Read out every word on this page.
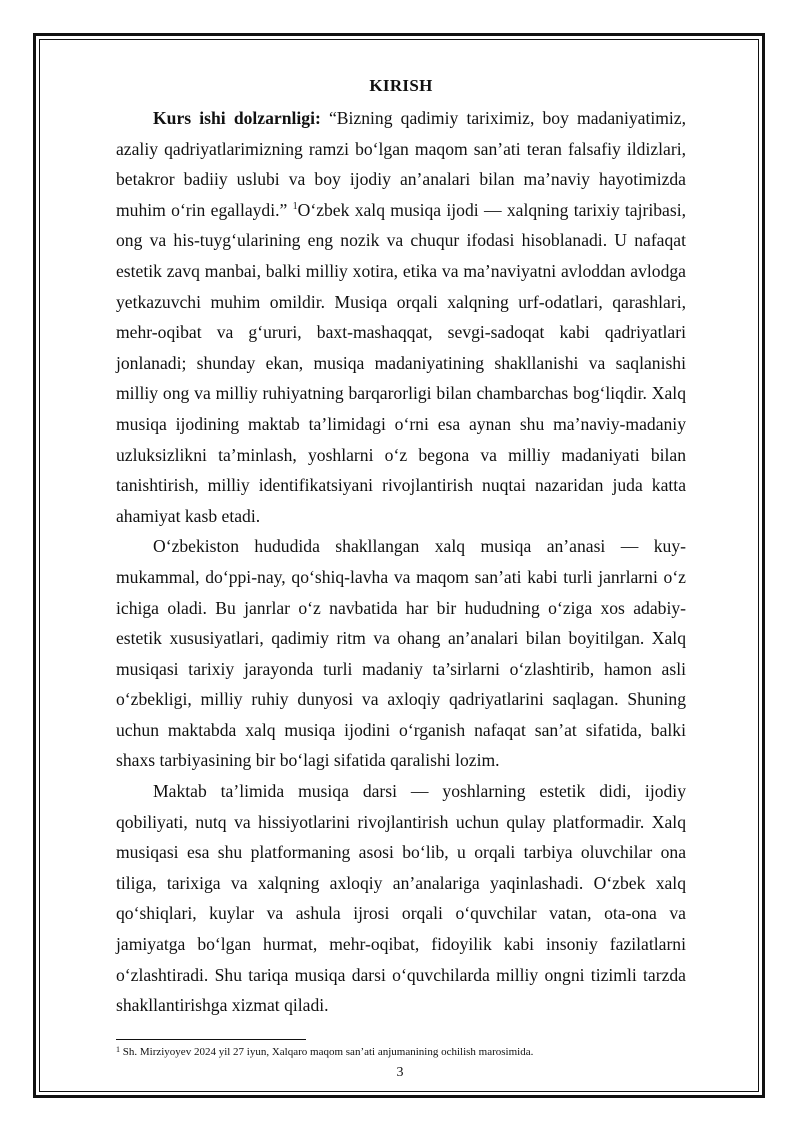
KIRISH

Kurs ishi dolzarnligi: “Bizning qadimiy tariximiz, boy madaniyatimiz, azaliy qadriyatlarimizning ramzi bo‘lgan maqom san’ati teran falsafiy ildizlari, betakror badiiy uslubi va boy ijodiy an’analari bilan ma’naviy hayotimizda muhim o‘rin egallaydi.” $^1$O‘zbek xalq musiqa ijodi — xalqning tarixiy tajribasi, ong va his-tuyg‘ularining eng nozik va chuqur ifodasi hisoblanadi. U nafaqat estetik zavq manbai, balki milliy xotira, etika va ma’naviyatni avloddan avlodga yetkazuvchi muhim omildir. Musiqa orqali xalqning urf-odatlari, qarashlari, mehr-oqibat va g‘ururi, baxt-mashaqqat, sevgi-sadoqat kabi qadriyatlari jonlanadi; shunday ekan, musiqa madaniyatining shakllanishi va saqlanishi milliy ong va milliy ruhiyatning barqarorligi bilan chambarchas bog‘liqdir. Xalq musiqa ijodining maktab ta’limidagi o‘rni esa aynan shu ma’naviy-madaniy uzluksizlikni ta’minlash, yoshlarni o‘z begona va milliy madaniyati bilan tanishtirish, milliy identifikatsiyani rivojlantirish nuqtai nazaridan juda katta ahamiyat kasb etadi.

O‘zbekiston hududida shakllangan xalq musiqa an’anasi — kuy-mukammal, do‘ppi-nay, qo‘shiq-lavha va maqom san’ati kabi turli janrlarni o‘z ichiga oladi. Bu janrlar o‘z navbatida har bir hududning o‘ziga xos adabiy-estetik xususiyatlari, qadimiy ritm va ohang an’analari bilan boyitilgan. Xalq musiqasi tarixiy jarayonda turli madaniy ta’sirlarni o‘zlashtirib, hamon asli o‘zbekligi, milliy ruhiy dunyosi va axloqiy qadriyatlarini saqlagan. Shuning uchun maktabda xalq musiqa ijodini o‘rganish nafaqat san’at sifatida, balki shaxs tarbiyasining bir bo‘lagi sifatida qaralishi lozim.

Maktab ta’limida musiqa darsi — yoshlarning estetik didi, ijodiy qobiliyati, nutq va hissiyotlarini rivojlantirish uchun qulay platformadir. Xalq musiqasi esa shu platformaning asosi bo‘lib, u orqali tarbiya oluvchilar ona tiliga, tarixiga va xalqning axloqiy an’analariga yaqinlashadi. O‘zbek xalq qo‘shiqlari, kuylar va ashula ijrosi orqali o‘quvchilar vatan, ota-ona va jamiyatga bo‘lgan hurmat, mehr-oqibat, fidoyilik kabi insoniy fazilatlarni o‘zlashtiradi. Shu tariqa musiqa darsi o‘quvchilarda milliy ongni tizimli tarzda shakllantirishga xizmat qiladi.

$^1$ Sh. Mirziyoyev 2024 yil 27 iyun, Xalqaro maqom san’ati anjumanining ochilish marosimida.
3
